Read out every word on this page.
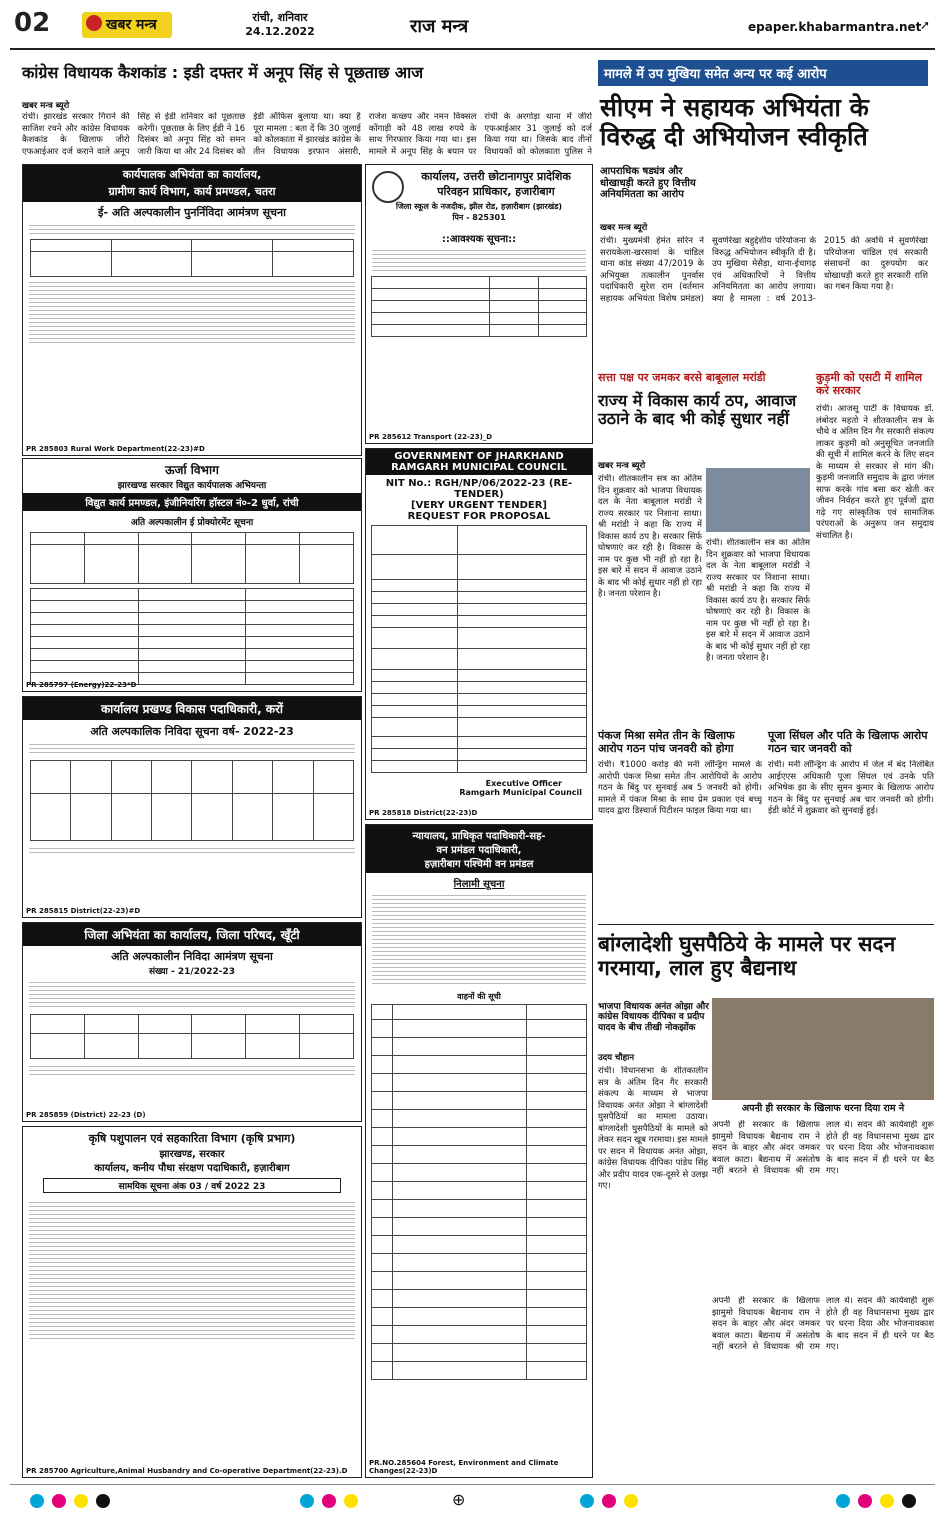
02	खबर मन्त्र	रांची, शनिवार
24.12.2022	राज मन्त्र	epaper.khabarmantra.net
➚
कांग्रेस विधायक कैशकांड : इडी दफ्तर में अनूप सिंह से पूछताछ आज
खबर मन्त्र ब्यूरो
रांची। झारखंड सरकार गिराने की साजिश रचने और कांग्रेस विधायक कैशकांड के खिलाफ जीरो एफआईआर दर्ज कराने वाले अनूप सिंह से ईडी शनिवार को पूछताछ करेगी। पूछताछ के लिए ईडी ने 16 दिसंबर को अनूप सिंह को समन जारी किया था और 24 दिसंबर को ईडी ऑफिस बुलाया था। क्या है पूरा मामला : बता दें कि 30 जुलाई को कोलकाता में झारखंड कांग्रेस के तीन विधायक इरफान अंसारी, राजेश कच्छप और नमन विक्सल कोंगाड़ी को 48 लाख रुपये के साथ गिरफ्तार किया गया था। इस मामले में अनूप सिंह के बयान पर रांची के अरगोड़ा थाना में जीरो एफआईआर 31 जुलाई को दर्ज किया गया था। जिसके बाद तीनों विधायकों को कोलकाता पुलिस ने
मामले में उप मुखिया समेत अन्य पर कई आरोप
सीएम ने सहायक अभियंता के विरुद्ध दी अभियोजन स्वीकृति
आपराधिक षड्यंत्र और धोखाधड़ी करते हुए वित्तीय अनियमितता का आरोप
खबर मन्त्र ब्यूरो
रांची। मुख्यमंत्री हेमंत सोरेन ने सरायकेला-खरसावां के चांडिल थाना कांड संख्या 47/2019 के अभियुक्त तत्कालीन पुनर्वास पदाधिकारी सुरेश राम (वर्तमान सहायक अभियंता विशेष प्रमंडल) सुवर्णरेखा बहुद्देशीय परियोजना के विरुद्ध अभियोजन स्वीकृति दी है। उप मुखिया मेसैड़ा, थाना-ईचागढ़ एवं अधिकारियों ने वित्तीय अनियमितता का आरोप लगाया। क्या है मामला : वर्ष 2013-2015 की अवधि में सुवर्णरेखा परियोजना चांडिल एवं सरकारी संसाधनों का दुरुपयोग कर धोखाधड़ी करते हुए सरकारी राशि का गबन किया गया है।
कार्यपालक अभियंता का कार्यालय,
ग्रामीण कार्य विभाग, कार्य प्रमण्डल, चतरा
ई- अति अल्पकालीन पुनर्निविदा आमंत्रण सूचना

PR 285803 Rural Work Department(22-23)#D
कार्यालय, उत्तरी छोटानागपुर प्रादेशिक
परिवहन प्राधिकार, हजारीबाग
जिला स्कूल के नजदीक, झील रोड, हज़ारीबाग (झारखंड)
पिन - 825301
::आवश्यक सूचना::

PR 285612 Transport (22-23)_D
ऊर्जा विभाग
झारखण्ड सरकार विद्युत कार्यपालक अभियन्ता
विद्युत कार्य प्रमण्डल, इंजीनियरिंग हॉस्टल नं०-2 धुर्वा, रांची
अति अल्पकालीन ई प्रोक्योरमेंट सूचना

PR 285797 (Energy)22-23*D
GOVERNMENT OF JHARKHAND
RAMGARH MUNICIPAL COUNCIL
NIT No.: RGH/NP/06/2022-23 (RE-TENDER)
[VERY URGENT TENDER]
REQUEST FOR PROPOSAL

Executive Officer
Ramgarh Municipal Council
PR 285818 District(22-23)D
कार्यालय प्रखण्ड विकास पदाधिकारी, करों
अति अल्पकालिक निविदा सूचना वर्ष- 2022-23

PR 285815 District(22-23)#D
सत्ता पक्ष पर जमकर बरसे बाबूलाल मरांडी
राज्य में विकास कार्य ठप, आवाज उठाने के बाद भी कोई सुधार नहीं
खबर मन्त्र ब्यूरो
रांची। शीतकालीन सत्र का अंतिम दिन शुक्रवार को भाजपा विधायक दल के नेता बाबूलाल मरांडी ने राज्य सरकार पर निशाना साधा। श्री मरांडी ने कहा कि राज्य में विकास कार्य ठप है। सरकार सिर्फ घोषणाएं कर रही है। विकास के नाम पर कुछ भी नहीं हो रहा है। इस बारे में सदन में आवाज उठाने के बाद भी कोई सुधार नहीं हो रहा है। जनता परेशान है।
रांची। शीतकालीन सत्र का अंतिम दिन शुक्रवार को भाजपा विधायक दल के नेता बाबूलाल मरांडी ने राज्य सरकार पर निशाना साधा। श्री मरांडी ने कहा कि राज्य में विकास कार्य ठप है। सरकार सिर्फ घोषणाएं कर रही है। विकास के नाम पर कुछ भी नहीं हो रहा है। इस बारे में सदन में आवाज उठाने के बाद भी कोई सुधार नहीं हो रहा है। जनता परेशान है।
कुड़मी को एसटी में शामिल करे सरकार
रांची। आजसू पार्टी के विधायक डॉ. लंबोदर महतो ने शीतकालीन सत्र के चौथे व अंतिम दिन गैर सरकारी संकल्प लाकर कुड़मी को अनुसूचित जनजाति की सूची में शामिल करने के लिए सदन के माध्यम से सरकार से मांग की। कुड़मी जनजाति समुदाय के द्वारा जंगल साफ करके गांव बसा कर खेती कर जीवन निर्वहन करते हुए पूर्वजों द्वारा गढ़े गए सांस्कृतिक एवं सामाजिक परंपराओं के अनुरूप जन समुदाय संचालित है।
पंकज मिश्रा समेत तीन के खिलाफ आरोप गठन पांच जनवरी को होगा
रांची। ₹1000 करोड़ की मनी लॉन्ड्रिंग मामले के आरोपी पंकज मिश्रा समेत तीन आरोपियों के आरोप गठन के बिंदु पर सुनवाई अब 5 जनवरी को होगी। मामले में पंकज मिश्रा के साथ प्रेम प्रकाश एवं बच्चू यादव द्वारा डिस्चार्ज पिटीशन फाइल किया गया था।
पूजा सिंघल और पति के खिलाफ आरोप गठन चार जनवरी को
रांची। मनी लॉन्ड्रिंग के आरोप में जेल में बंद निलंबित आईएएस अधिकारी पूजा सिंघल एवं उनके पति अभिषेक झा के सीए सुमन कुमार के खिलाफ आरोप गठन के बिंदु पर सुनवाई अब चार जनवरी को होगी। ईडी कोर्ट में शुक्रवार को सुनवाई हुई।
न्यायालय, प्राधिकृत पदाधिकारी-सह-
वन प्रमंडल पदाधिकारी,
हज़ारीबाग पश्चिमी वन प्रमंडल
निलामी सूचना
वाहनों की सूची

PR.NO.285604 Forest, Environment and Climate Changes(22-23)D
जिला अभियंता का कार्यालय, जिला परिषद, खूँटी
अति अल्पकालीन निविदा आमंत्रण सूचना
संख्या - 21/2022-23

PR 285859 (District) 22-23 (D)
कृषि पशुपालन एवं सहकारिता विभाग (कृषि प्रभाग)
झारखण्ड, सरकार
कार्यालय, कनीय पौधा संरक्षण पदाधिकारी, हज़ारीबाग
सामयिक सूचना अंक 03 / वर्ष 2022 23
PR 285700 Agriculture,Animal Husbandry and Co-operative Department(22-23).D
बांग्लादेशी घुसपैठिये के मामले पर सदन गरमाया, लाल हुए बैद्यनाथ
भाजपा विधायक अनंत ओझा और कांग्रेस विधायक दीपिका व प्रदीप यादव के बीच तीखी नोकझोंक
अपनी ही सरकार के खिलाफ धरना दिया राम ने
उदय चौहान
रांची। विधानसभा के शीतकालीन सत्र के अंतिम दिन गैर सरकारी संकल्प के माध्यम से भाजपा विधायक अनंत ओझा ने बांग्लादेशी घुसपैठियों का मामला उठाया। बांग्लादेशी घुसपैठियों के मामले को लेकर सदन खूब गरमाया। इस मामले पर सदन में विधायक अनंत ओझा, कांग्रेस विधायक दीपिका पांडेय सिंह और प्रदीप यादव एक-दूसरे से उलझ गए।
अपनी ही सरकार के खिलाफ झामुमो विधायक बैद्यनाथ राम ने सदन के बाहर और अंदर जमकर बवाल काटा। बैद्यनाथ में असंतोष नहीं बरतने से विधायक श्री राम लाल थे। सदन की कार्यवाही शुरू होते ही वह विधानसभा मुख्य द्वार पर धरना दिया और भोजनावकाश के बाद सदन में ही धरने पर बैठ गए।
अपनी ही सरकार के खिलाफ झामुमो विधायक बैद्यनाथ राम ने सदन के बाहर और अंदर जमकर बवाल काटा। बैद्यनाथ में असंतोष नहीं बरतने से विधायक श्री राम लाल थे। सदन की कार्यवाही शुरू होते ही वह विधानसभा मुख्य द्वार पर धरना दिया और भोजनावकाश के बाद सदन में ही धरने पर बैठ गए।
⊕
